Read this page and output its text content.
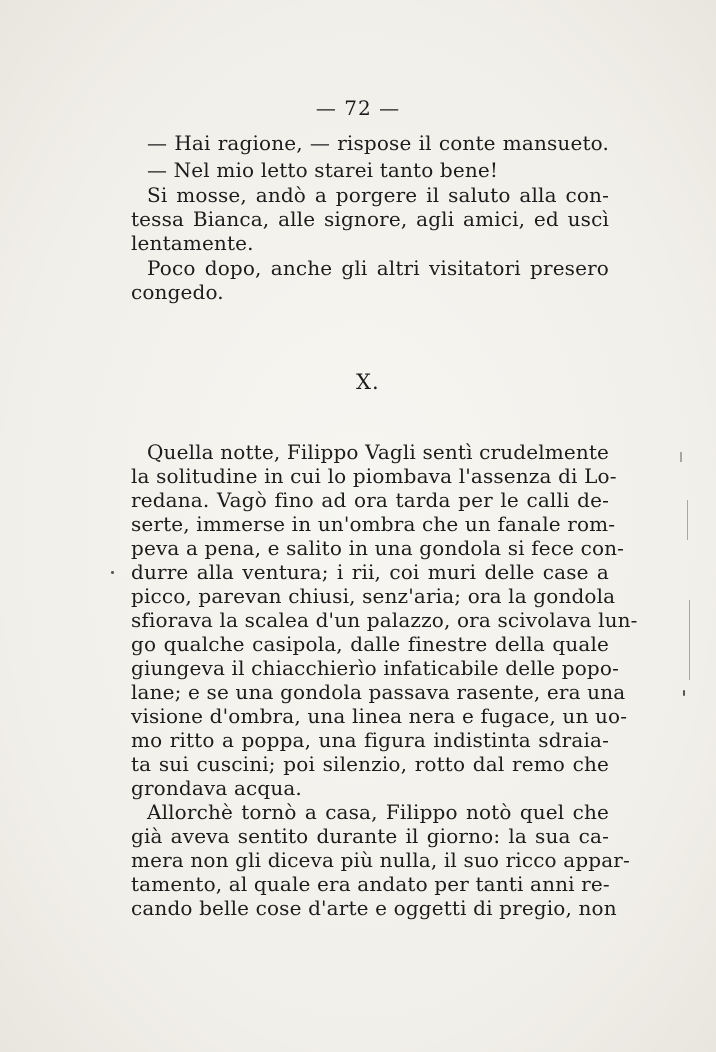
— 72 —
— Hai ragione, — rispose il conte mansueto.
— Nel mio letto starei tanto bene!
Si mosse, andò a porgere il saluto alla con-
tessa Bianca, alle signore, agli amici, ed uscì
lentamente.
Poco dopo, anche gli altri visitatori presero
congedo.
X.
Quella notte, Filippo Vagli sentì crudelmente
la solitudine in cui lo piombava l'assenza di Lo-
redana. Vagò fino ad ora tarda per le calli de-
serte, immerse in un'ombra che un fanale rom-
peva a pena, e salito in una gondola si fece con-
durre alla ventura; i rii, coi muri delle case a
picco, parevan chiusi, senz'aria; ora la gondola
sfiorava la scalea d'un palazzo, ora scivolava lun-
go qualche casipola, dalle finestre della quale
giungeva il chiacchierìo infaticabile delle popo-
lane; e se una gondola passava rasente, era una
visione d'ombra, una linea nera e fugace, un uo-
mo ritto a poppa, una figura indistinta sdraia-
ta sui cuscini; poi silenzio, rotto dal remo che
grondava acqua.
Allorchè tornò a casa, Filippo notò quel che
già aveva sentito durante il giorno: la sua ca-
mera non gli diceva più nulla, il suo ricco appar-
tamento, al quale era andato per tanti anni re-
cando belle cose d'arte e oggetti di pregio, non
